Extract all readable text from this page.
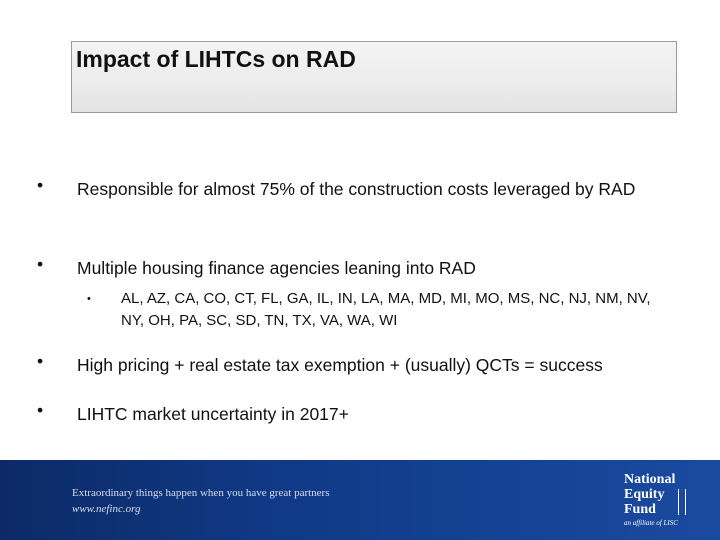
Impact of LIHTCs on RAD
• Responsible for almost 75% of the construction costs leveraged by RAD
• Multiple housing finance agencies leaning into RAD
• AL, AZ, CA, CO, CT, FL, GA, IL, IN, LA, MA, MD, MI, MO, MS, NC, NJ, NM, NV, NY, OH, PA, SC, SD, TN, TX, VA, WA, WI
• High pricing + real estate tax exemption + (usually) QCTs = success
• LIHTC market uncertainty in 2017+
Extraordinary things happen when you have great partners
www.nefinc.org
National
Equity
Fund
an affiliate of LISC
